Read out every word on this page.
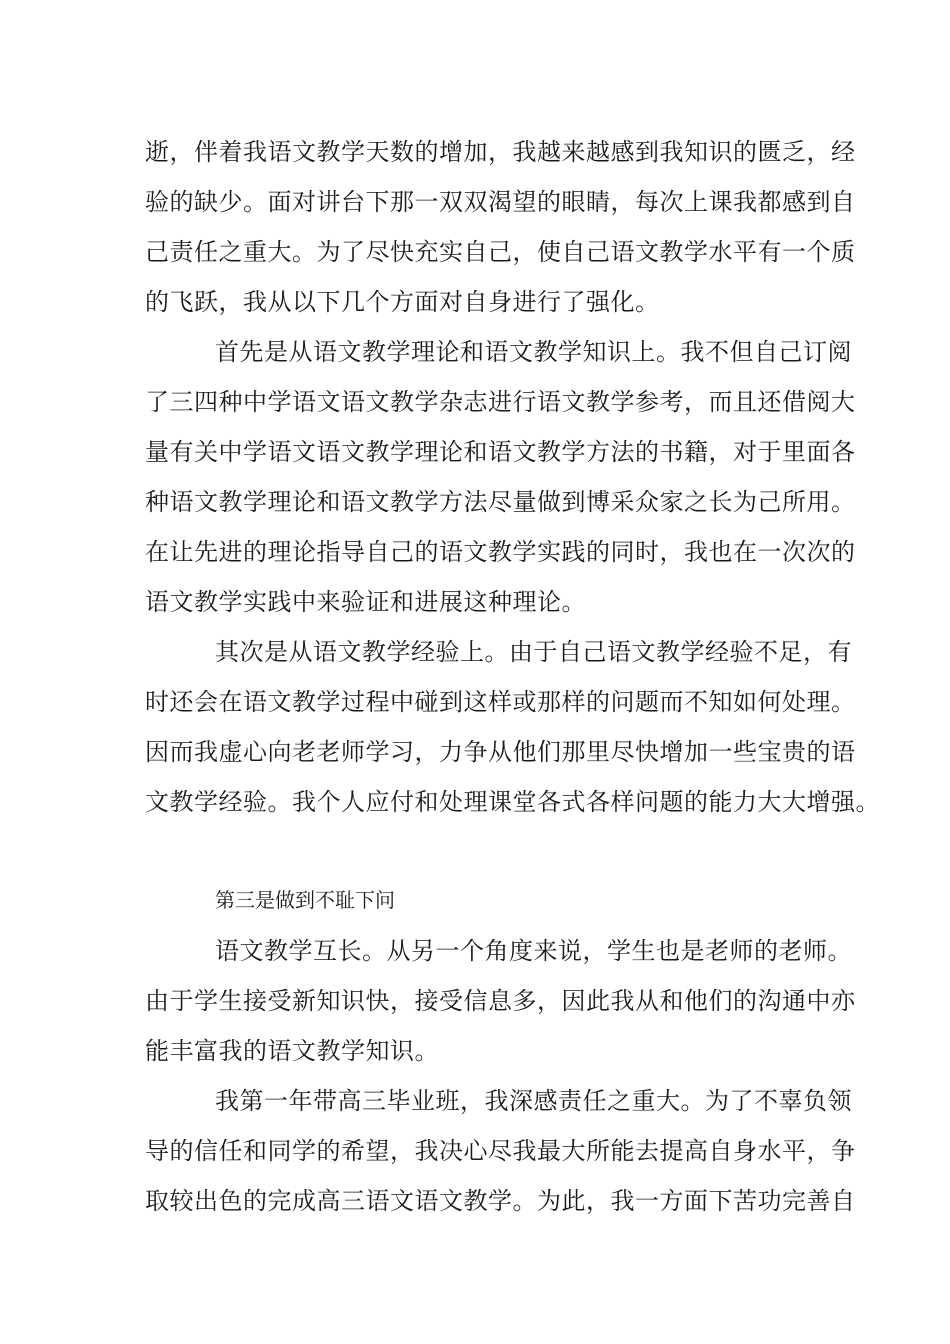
逝，伴着我语文教学天数的增加，我越来越感到我知识的匮乏，经

验的缺少。面对讲台下那一双双渴望的眼睛，每次上课我都感到自

己责任之重大。为了尽快充实自己，使自己语文教学水平有一个质

的飞跃，我从以下几个方面对自身进行了强化。

首先是从语文教学理论和语文教学知识上。我不但自己订阅

了三四种中学语文语文教学杂志进行语文教学参考，而且还借阅大

量有关中学语文语文教学理论和语文教学方法的书籍，对于里面各

种语文教学理论和语文教学方法尽量做到博采众家之长为己所用。

在让先进的理论指导自己的语文教学实践的同时，我也在一次次的

语文教学实践中来验证和进展这种理论。

其次是从语文教学经验上。由于自己语文教学经验不足，有

时还会在语文教学过程中碰到这样或那样的问题而不知如何处理。

因而我虚心向老老师学习，力争从他们那里尽快增加一些宝贵的语

文教学经验。我个人应付和处理课堂各式各样问题的能力大大增强。

第三是做到不耻下问

语文教学互长。从另一个角度来说，学生也是老师的老师。

由于学生接受新知识快，接受信息多，因此我从和他们的沟通中亦

能丰富我的语文教学知识。

我第一年带高三毕业班，我深感责任之重大。为了不辜负领

导的信任和同学的希望，我决心尽我最大所能去提高自身水平，争

取较出色的完成高三语文语文教学。为此，我一方面下苦功完善自
